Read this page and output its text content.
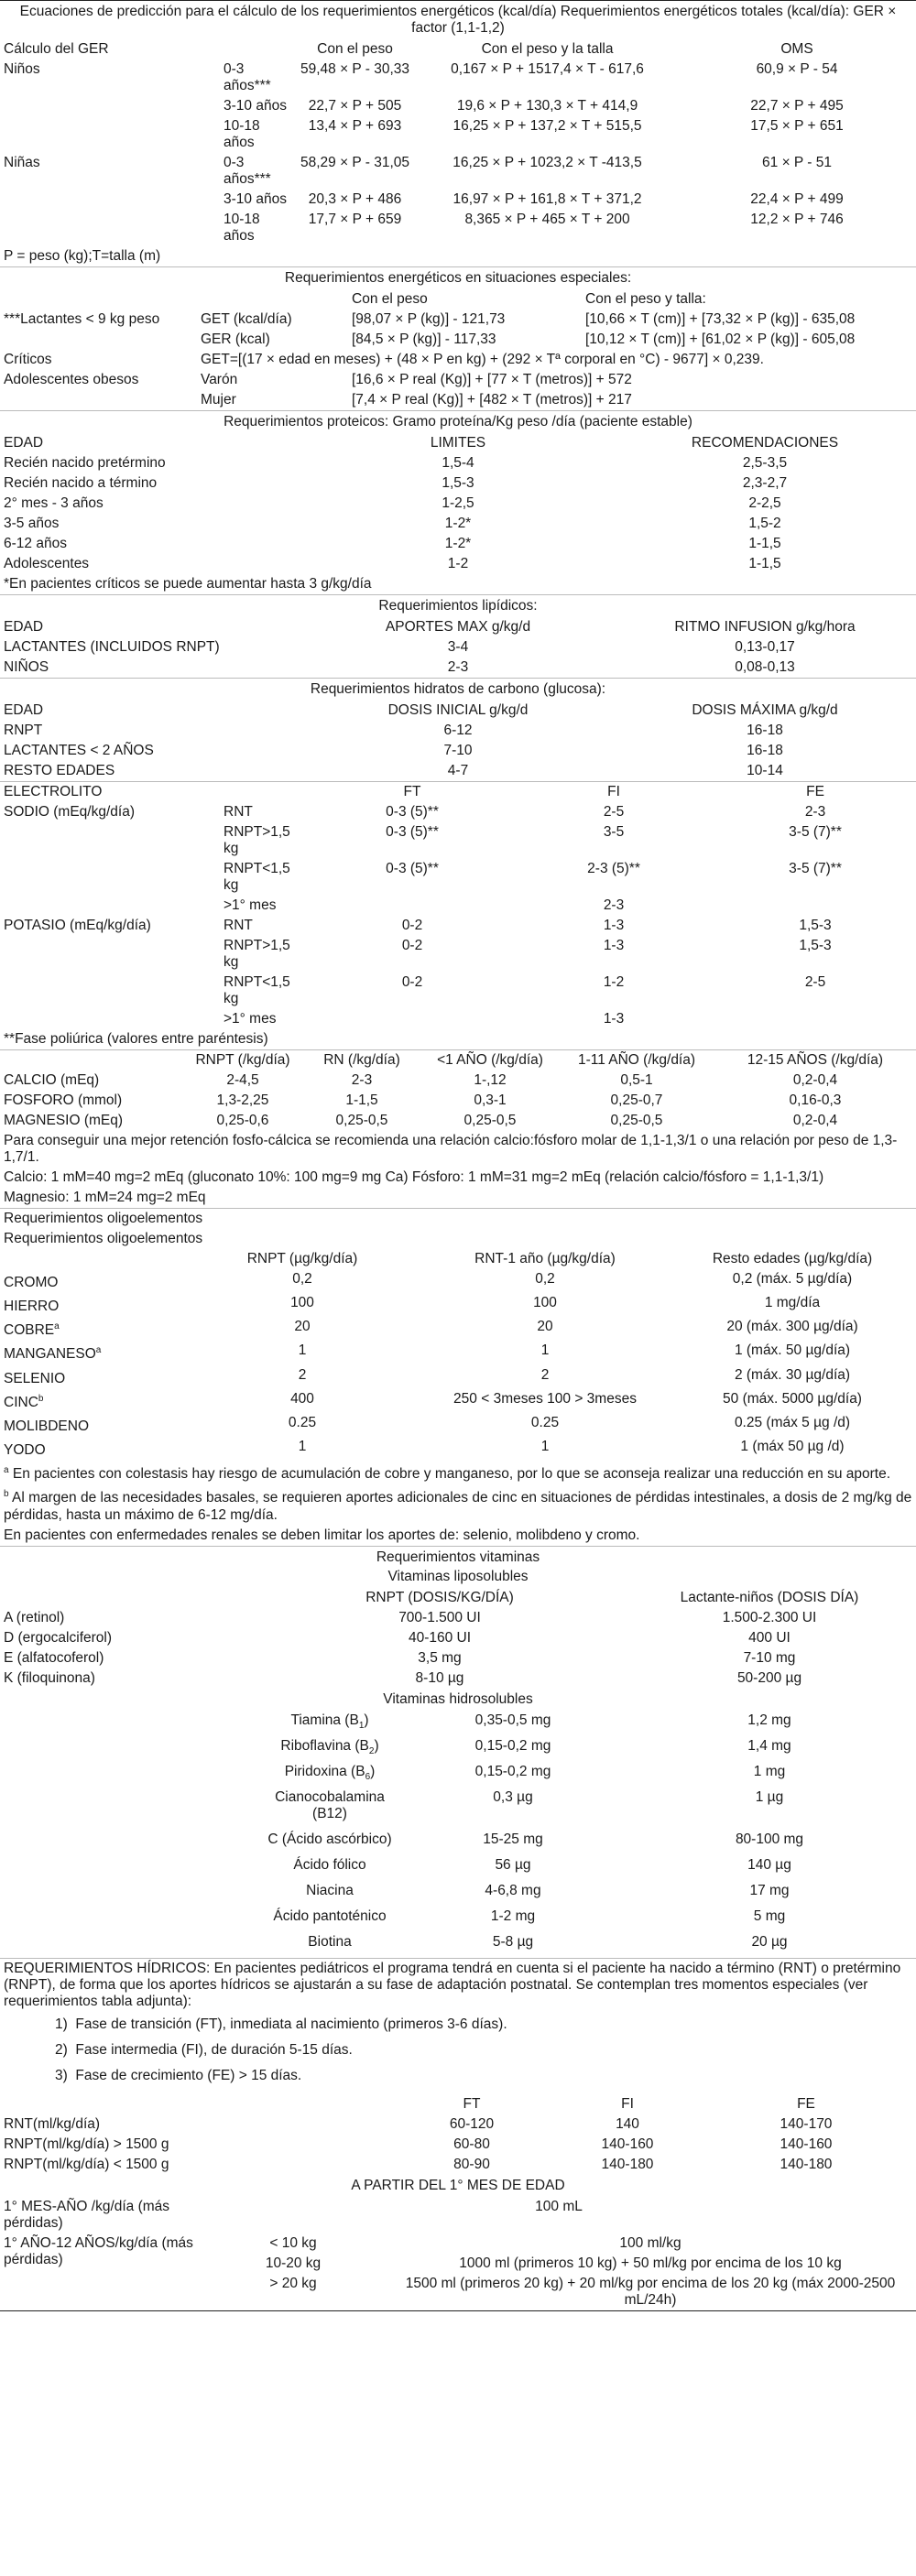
Ecuaciones de predicción para el cálculo de los requerimientos energéticos (kcal/día) Requerimientos energéticos totales (kcal/día): GER × factor (1,1-1,2)
Cálculo del GER		Con el peso	Con el peso y la talla	OMS
Niños	0-3 años***	59,48 × P - 30,33	0,167 × P + 1517,4 × T - 617,6	60,9 × P - 54
	3-10 años	22,7 × P + 505	19,6 × P + 130,3 × T + 414,9	22,7 × P + 495
	10-18 años	13,4 × P + 693	16,25 × P + 137,2 × T + 515,5	17,5 × P + 651
Niñas	0-3 años***	58,29 × P - 31,05	16,25 × P + 1023,2 × T -413,5	61 × P - 51
	3-10 años	20,3 × P + 486	16,97 × P + 161,8 × T + 371,2	22,4 × P + 499
	10-18 años	17,7 × P + 659	8,365 × P + 465 × T + 200	12,2 × P + 746
P = peso (kg);T=talla (m)
Requerimientos energéticos en situaciones especiales:
		Con el peso	Con el peso y talla:
***Lactantes < 9 kg peso	GET (kcal/día)	[98,07 × P (kg)] - 121,73	[10,66 × T (cm)] + [73,32 × P (kg)] - 635,08
	GER (kcal)	[84,5 × P (kg)] - 117,33	[10,12 × T (cm)] + [61,02 × P (kg)] - 605,08
Críticos	GET=[(17 × edad en meses) + (48 × P en kg) + (292 × Tª corporal en °C) - 9677] × 0,239.		
Adolescentes obesos	Varón	[16,6 × P real (Kg)] + [77 × T (metros)] + 572	
	Mujer	[7,4 × P real (Kg)] + [482 × T (metros)] + 217	
Requerimientos proteicos: Gramo proteína/Kg peso /día (paciente estable)
EDAD	LIMITES	RECOMENDACIONES
Recién nacido pretérmino	1,5-4	2,5-3,5
Recién nacido a término	1,5-3	2,3-2,7
2° mes - 3 años	1-2,5	2-2,5
3-5 años	1-2*	1,5-2
6-12 años	1-2*	1-1,5
Adolescentes	1-2	1-1,5
*En pacientes críticos se puede aumentar hasta 3 g/kg/día
Requerimientos lipídicos:
EDAD	APORTES MAX g/kg/d	RITMO INFUSION g/kg/hora
LACTANTES (INCLUIDOS RNPT)	3-4	0,13-0,17
NIÑOS	2-3	0,08-0,13
Requerimientos hidratos de carbono (glucosa):
EDAD	DOSIS INICIAL g/kg/d	DOSIS MÁXIMA g/kg/d
RNPT	6-12	16-18
LACTANTES < 2 AÑOS	7-10	16-18
RESTO EDADES	4-7	10-14
ELECTROLITO		FT	FI	FE
SODIO (mEq/kg/día)	RNT	0-3 (5)**	2-5	2-3
	RNPT>1,5 kg	0-3 (5)**	3-5	3-5 (7)**
	RNPT<1,5 kg	0-3 (5)**	2-3 (5)**	3-5 (7)**
	>1° mes		2-3	
POTASIO (mEq/kg/día)	RNT	0-2	1-3	1,5-3
	RNPT>1,5 kg	0-2	1-3	1,5-3
	RNPT<1,5 kg	0-2	1-2	2-5
	>1° mes		1-3	
**Fase poliúrica (valores entre paréntesis)
	RNPT (/kg/día)	RN (/kg/día)	<1 AÑO (/kg/día)	1-11 AÑO (/kg/día)	12-15 AÑOS (/kg/día)
CALCIO (mEq)	2-4,5	2-3	1-,12	0,5-1	0,2-0,4
FOSFORO (mmol)	1,3-2,25	1-1,5	0,3-1	0,25-0,7	0,16-0,3
MAGNESIO (mEq)	0,25-0,6	0,25-0,5	0,25-0,5	0,25-0,5	0,2-0,4
Para conseguir una mejor retención fosfo-cálcica se recomienda una relación calcio:fósforo molar de 1,1-1,3/1 o una relación por peso de 1,3-1,7/1.
Calcio: 1 mM=40 mg=2 mEq (gluconato 10%: 100 mg=9 mg Ca) Fósforo: 1 mM=31 mg=2 mEq (relación calcio/fósforo = 1,1-1,3/1)
Magnesio: 1 mM=24 mg=2 mEq
Requerimientos oligoelementos
Requerimientos oligoelementos
	RNPT (µg/kg/día)	RNT-1 año (µg/kg/día)	Resto edades (µg/kg/día)
CROMO	0,2	0,2	0,2 (máx. 5 µg/día)
HIERRO	100	100	1 mg/día
COBRE$^a$	20	20	20 (máx. 300 µg/día)
MANGANESO$^a$	1	1	1 (máx. 50 µg/día)
SELENIO	2	2	2 (máx. 30 µg/día)
CINC$^b$	400	250 < 3meses 100 > 3meses	50 (máx. 5000 µg/día)
MOLIBDENO	0.25	0.25	0.25 (máx 5 µg /d)
YODO	1	1	1 (máx 50 µg /d)
$^a$ En pacientes con colestasis hay riesgo de acumulación de cobre y manganeso, por lo que se aconseja realizar una reducción en su aporte.
$^b$ Al margen de las necesidades basales, se requieren aportes adicionales de cinc en situaciones de pérdidas intestinales, a dosis de 2 mg/kg de pérdidas, hasta un máximo de 6-12 mg/día.
En pacientes con enfermedades renales se deben limitar los aportes de: selenio, molibdeno y cromo.
Requerimientos vitaminas
Vitaminas liposolubles
	RNPT (DOSIS/KG/DÍA)	Lactante-niños (DOSIS DÍA)
A (retinol)	700-1.500 UI	1.500-2.300 UI
D (ergocalciferol)	40-160 UI	400 UI
E (alfatocoferol)	3,5 mg	7-10 mg
K (filoquinona)	8-10 µg	50-200 µg
Vitaminas hidrosolubles
	Tiamina $(B_1)$	0,35-0,5 mg	1,2 mg
	Riboflavina $(B_2)$	0,15-0,2 mg	1,4 mg
	Piridoxina $(B_6)$	0,15-0,2 mg	1 mg
	Cianocobalamina (B12)	0,3 µg	1 µg
	C (Ácido ascórbico)	15-25 mg	80-100 mg
	Ácido fólico	56 µg	140 µg
	Niacina	4-6,8 mg	17 mg
	Ácido pantoténico	1-2 mg	5 mg
	Biotina	5-8 µg	20 µg
REQUERIMIENTOS HÍDRICOS: En pacientes pediátricos el programa tendrá en cuenta si el paciente ha nacido a término (RNT) o pretérmino (RNPT), de forma que los aportes hídricos se ajustarán a su fase de adaptación postnatal. Se contemplan tres momentos especiales (ver requerimientos tabla adjunta):
1) Fase de transición (FT), inmediata al nacimiento (primeros 3-6 días).
2) Fase intermedia (FI), de duración 5-15 días.
3) Fase de crecimiento (FE) > 15 días.
	FT	FI	FE
RNT(ml/kg/día)	60-120	140	140-170
RNPT(ml/kg/día) > 1500 g	60-80	140-160	140-160
RNPT(ml/kg/día) < 1500 g	80-90	140-180	140-180
A PARTIR DEL 1° MES DE EDAD
1° MES-AÑO /kg/día (más pérdidas)	100 mL	
1° AÑO-12 AÑOS/kg/día (más pérdidas)	< 10 kg	100 ml/kg
	10-20 kg	1000 ml (primeros 10 kg) + 50 ml/kg por encima de los 10 kg
	> 20 kg	1500 ml (primeros 20 kg) + 20 ml/kg por encima de los 20 kg (máx 2000-2500 mL/24h)
